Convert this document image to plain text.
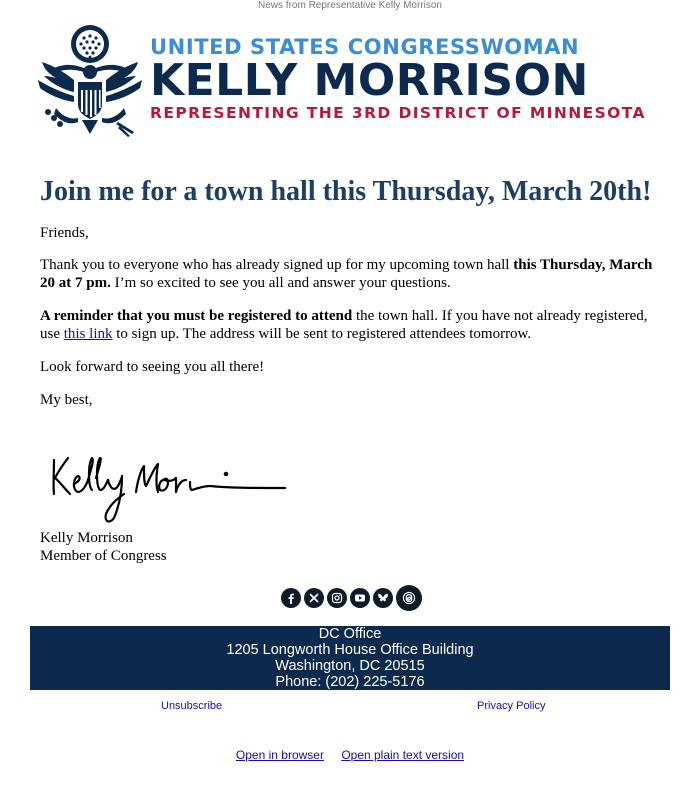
News from Representative Kelly Morrison
UNITED STATES CONGRESSWOMAN
KELLY MORRISON
REPRESENTING THE 3RD DISTRICT OF MINNESOTA
Join me for a town hall this Thursday, March 20th!

Friends,

Thank you to everyone who has already signed up for my upcoming town hall this Thursday, March 20 at 7 pm. I’m so excited to see you all and answer your questions.

A reminder that you must be registered to attend the town hall. If you have not already registered, use this link to sign up. The address will be sent to registered attendees tomorrow.

Look forward to seeing you all there!

My best,

Kelly Morrison
Member of Congress
DC Office
1205 Longworth House Office Building
Washington, DC 20515
Phone: (202) 225-5176
Unsubscribe	Privacy Policy
Open in browser Open plain text version
